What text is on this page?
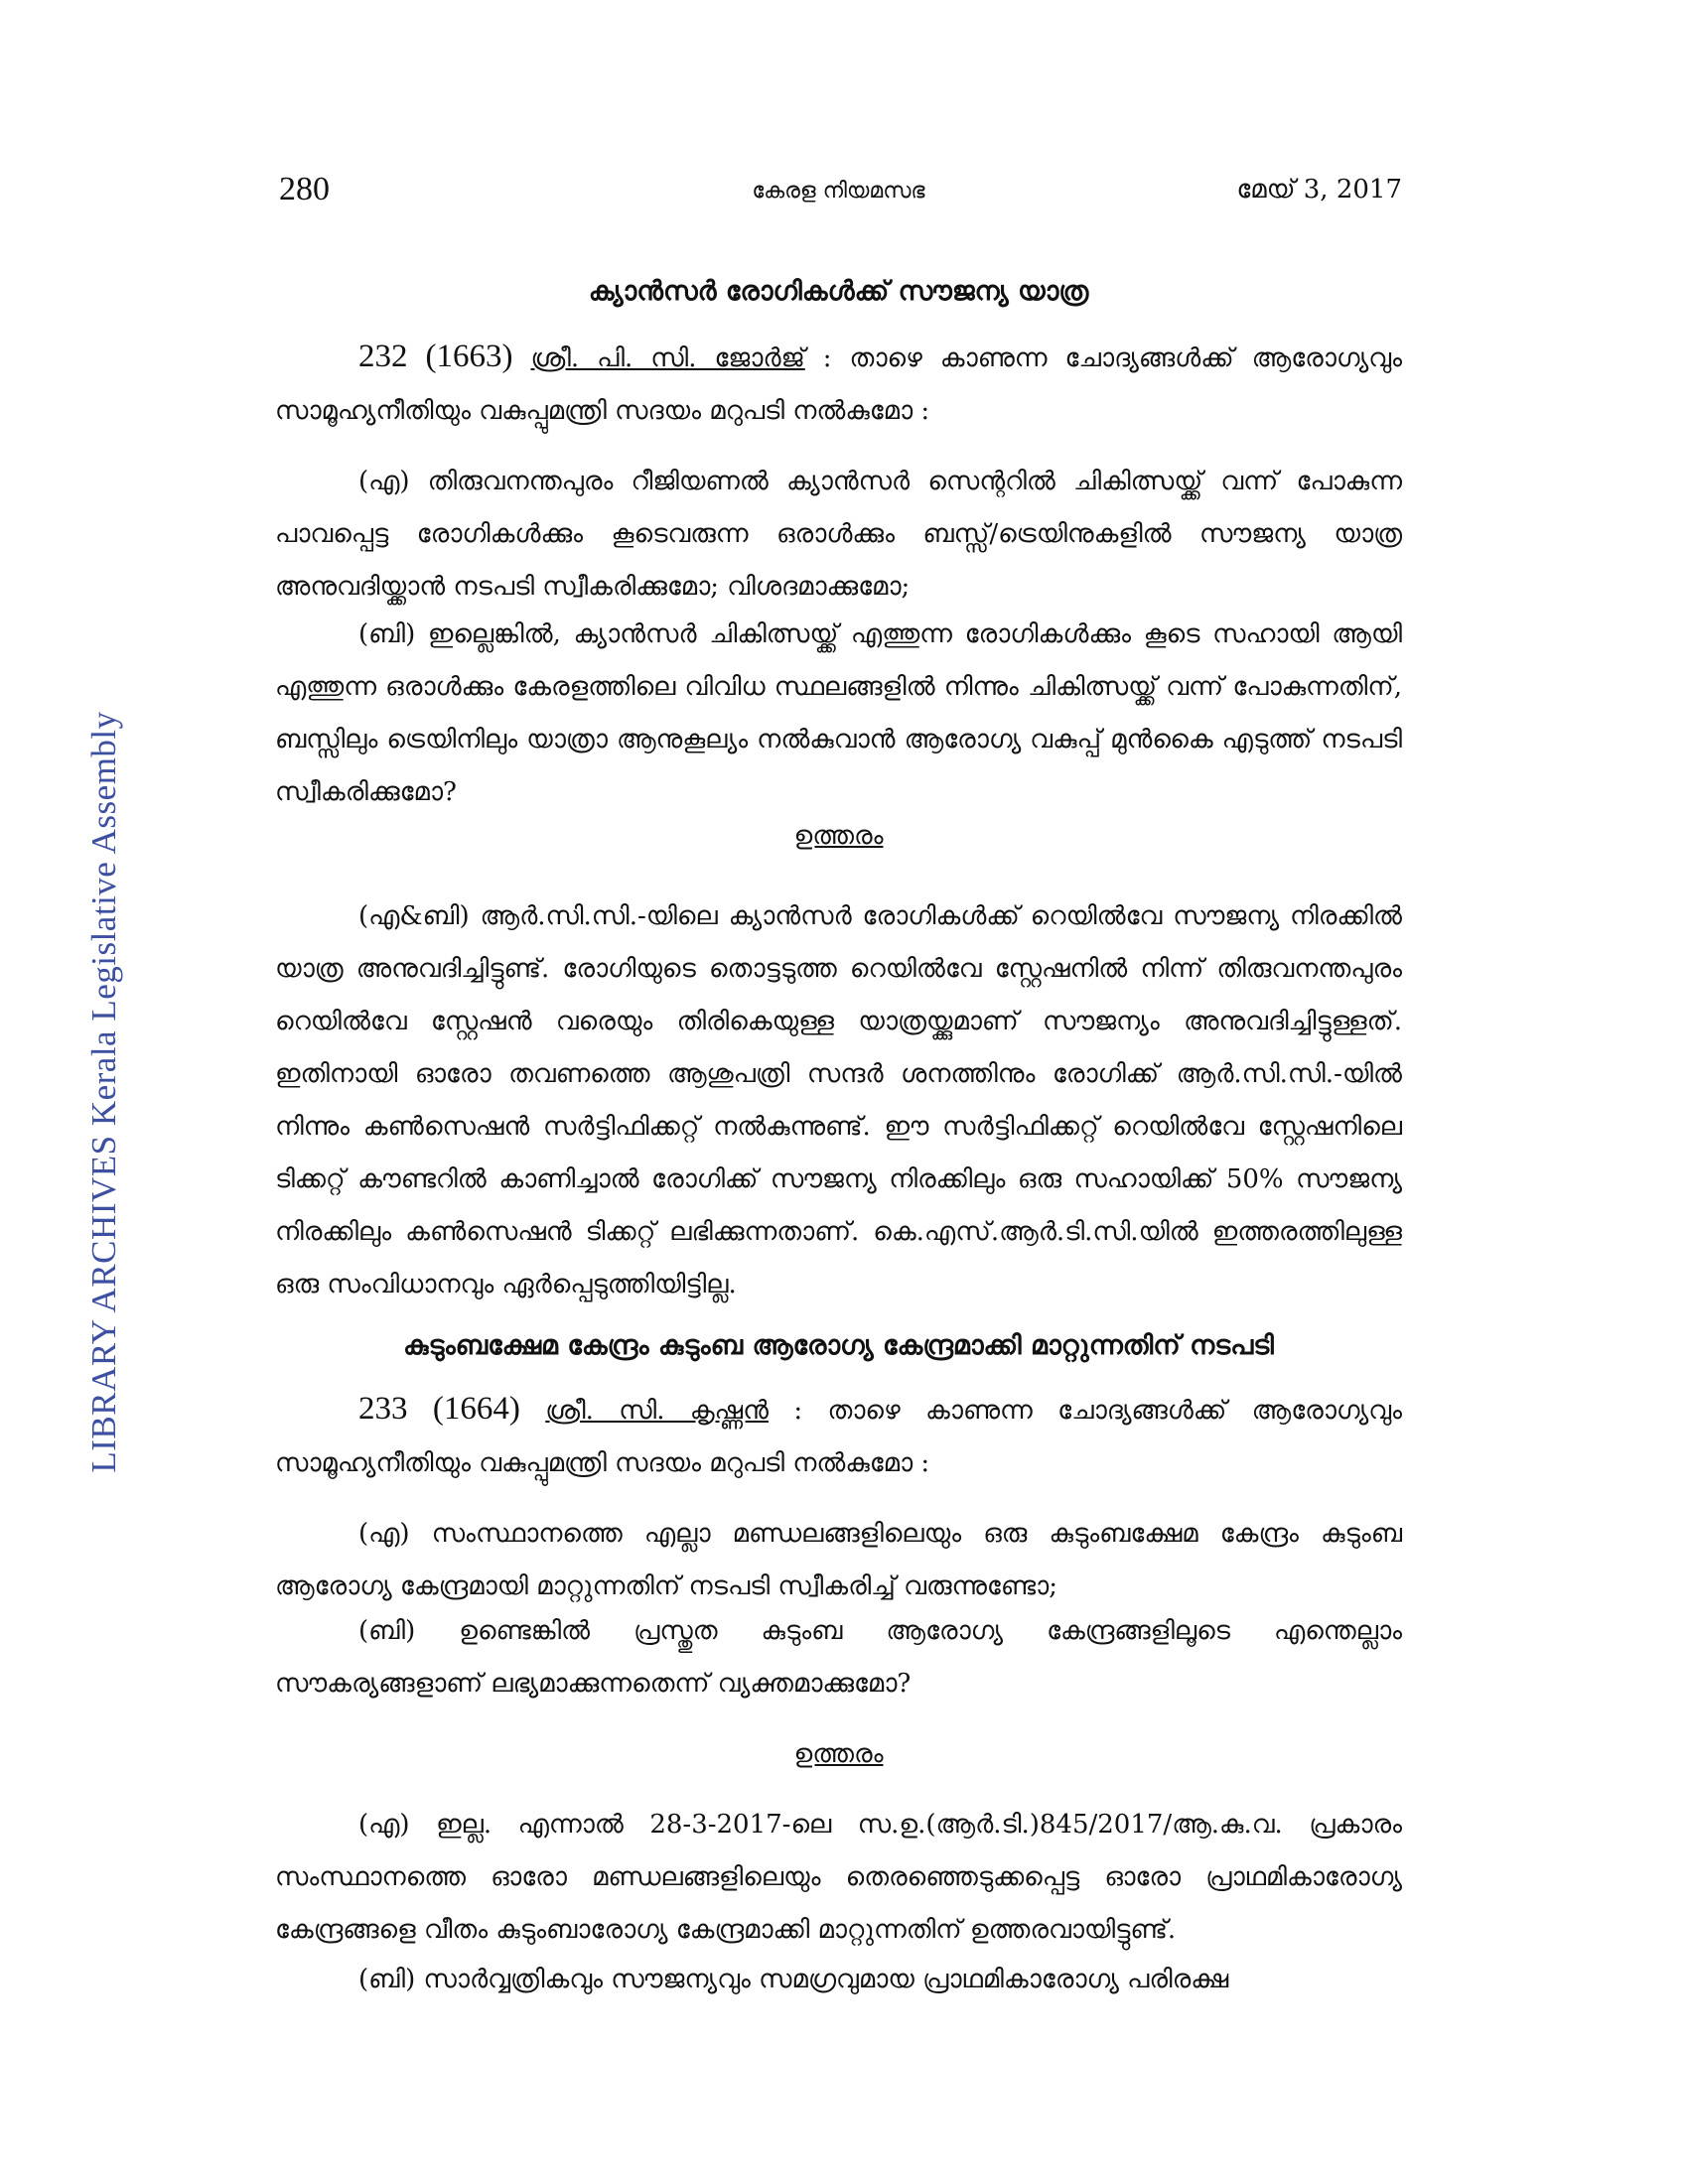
LIBRARY ARCHIVES Kerala Legislative Assembly
280	കേരള നിയമസഭ	മേയ് 3, 2017
ക്യാൻസർ രോഗികൾക്ക് സൗജന്യ യാത്ര
232 (1663) ശ്രീ. പി. സി. ജോർജ് : താഴെ കാണുന്ന ചോദ്യങ്ങൾക്ക് ആരോഗ്യവും സാമൂഹ്യനീതിയും വകുപ്പുമന്ത്രി സദയം മറുപടി നൽകുമോ :
(എ) തിരുവനന്തപുരം റീജിയണൽ ക്യാൻസർ സെന്ററിൽ ചികിത്സയ്ക്ക് വന്ന് പോകുന്ന പാവപ്പെട്ട രോഗികൾക്കും കൂടെവരുന്ന ഒരാൾക്കും ബസ്സ്/ട്രെയിനുകളിൽ സൗജന്യ യാത്ര അനുവദിയ്ക്കാൻ നടപടി സ്വീകരിക്കുമോ; വിശദമാക്കുമോ;
(ബി) ഇല്ലെങ്കിൽ, ക്യാൻസർ ചികിത്സയ്ക്ക് എത്തുന്ന രോഗികൾക്കും കൂടെ സഹായി ആയി എത്തുന്ന ഒരാൾക്കും കേരളത്തിലെ വിവിധ സ്ഥലങ്ങളിൽ നിന്നും ചികിത്സയ്ക്ക് വന്ന് പോകുന്നതിന്, ബസ്സിലും ട്രെയിനിലും യാത്രാ ആനുകൂല്യം നൽകുവാൻ ആരോഗ്യ വകുപ്പ് മുൻകൈ എടുത്ത് നടപടി സ്വീകരിക്കുമോ?
ഉത്തരം
(എ&ബി) ആർ.സി.സി.-യിലെ ക്യാൻസർ രോഗികൾക്ക് റെയിൽവേ സൗജന്യ നിരക്കിൽ യാത്ര അനുവദിച്ചിട്ടുണ്ട്. രോഗിയുടെ തൊട്ടടുത്ത റെയിൽവേ സ്റ്റേഷനിൽ നിന്ന് തിരുവനന്തപുരം റെയിൽവേ സ്റ്റേഷൻ വരെയും തിരികെയുള്ള യാത്രയ്ക്കുമാണ് സൗജന്യം അനുവദിച്ചിട്ടുള്ളത്. ഇതിനായി ഓരോ തവണത്തെ ആശുപത്രി സന്ദർ ശനത്തിനും രോഗിക്ക് ആർ.സി.സി.-യിൽ നിന്നും കൺസെഷൻ സർട്ടിഫിക്കറ്റ് നൽകുന്നുണ്ട്. ഈ സർട്ടിഫിക്കറ്റ് റെയിൽവേ സ്റ്റേഷനിലെ ടിക്കറ്റ് കൗണ്ടറിൽ കാണിച്ചാൽ രോഗിക്ക് സൗജന്യ നിരക്കിലും ഒരു സഹായിക്ക് 50% സൗജന്യ നിരക്കിലും കൺസെഷൻ ടിക്കറ്റ് ലഭിക്കുന്നതാണ്. കെ.എസ്.ആർ.ടി.സി.യിൽ ഇത്തരത്തിലുള്ള ഒരു സംവിധാനവും ഏർപ്പെടുത്തിയിട്ടില്ല.
കുടുംബക്ഷേമ കേന്ദ്രം കുടുംബ ആരോഗ്യ കേന്ദ്രമാക്കി മാറ്റുന്നതിന് നടപടി
233 (1664) ശ്രീ. സി. കൃഷ്ണൻ : താഴെ കാണുന്ന ചോദ്യങ്ങൾക്ക് ആരോഗ്യവും സാമൂഹ്യനീതിയും വകുപ്പുമന്ത്രി സദയം മറുപടി നൽകുമോ :
(എ) സംസ്ഥാനത്തെ എല്ലാ മണ്ഡലങ്ങളിലെയും ഒരു കുടുംബക്ഷേമ കേന്ദ്രം കുടുംബ ആരോഗ്യ കേന്ദ്രമായി മാറ്റുന്നതിന് നടപടി സ്വീകരിച്ച് വരുന്നുണ്ടോ;
(ബി) ഉണ്ടെങ്കിൽ പ്രസ്തുത കുടുംബ ആരോഗ്യ കേന്ദ്രങ്ങളിലൂടെ എന്തെല്ലാം സൗകര്യങ്ങളാണ് ലഭ്യമാക്കുന്നതെന്ന് വ്യക്തമാക്കുമോ?
ഉത്തരം
(എ) ഇല്ല. എന്നാൽ 28-3-2017-ലെ സ.ഉ.(ആർ.ടി.)845/2017/ആ.കു.വ. പ്രകാരം സംസ്ഥാനത്തെ ഓരോ മണ്ഡലങ്ങളിലെയും തെരഞ്ഞെടുക്കപ്പെട്ട ഓരോ പ്രാഥമികാരോഗ്യ കേന്ദ്രങ്ങളെ വീതം കുടുംബാരോഗ്യ കേന്ദ്രമാക്കി മാറ്റുന്നതിന് ഉത്തരവായിട്ടുണ്ട്.
(ബി) സാർവ്വത്രികവും സൗജന്യവും സമഗ്രവുമായ പ്രാഥമികാരോഗ്യ പരിരക്ഷ
